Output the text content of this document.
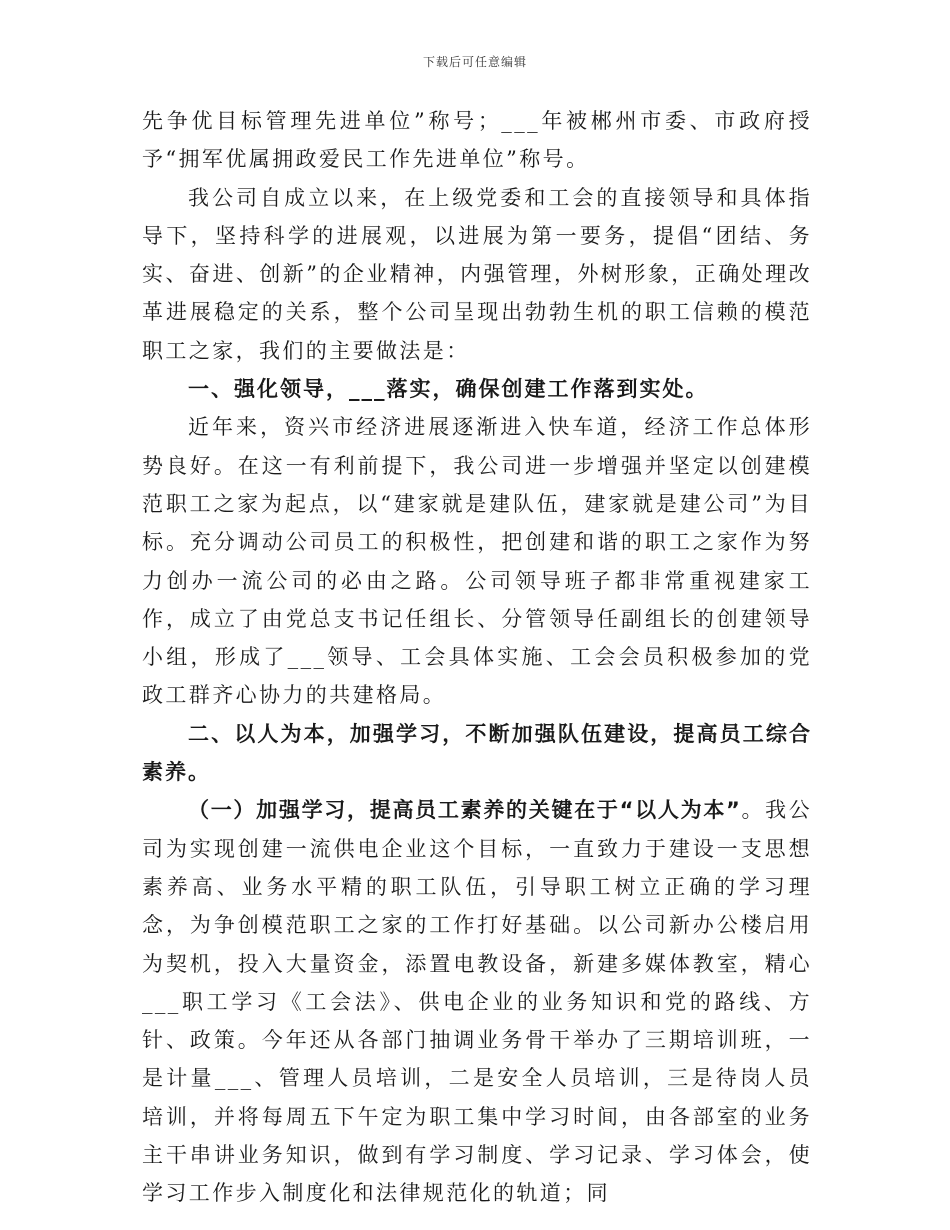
下载后可任意编辑

先争优目标管理先进单位”称号；___年被郴州市委、市政府授予“拥军优属拥政爱民工作先进单位”称号。

我公司自成立以来，在上级党委和工会的直接领导和具体指导下，坚持科学的进展观，以进展为第一要务，提倡“团结、务实、奋进、创新”的企业精神，内强管理，外树形象，正确处理改革进展稳定的关系，整个公司呈现出勃勃生机的职工信赖的模范职工之家，我们的主要做法是：

一、强化领导，___落实，确保创建工作落到实处。

近年来，资兴市经济进展逐渐进入快车道，经济工作总体形势良好。在这一有利前提下，我公司进一步增强并坚定以创建模范职工之家为起点，以“建家就是建队伍，建家就是建公司”为目标。充分调动公司员工的积极性，把创建和谐的职工之家作为努力创办一流公司的必由之路。公司领导班子都非常重视建家工作，成立了由党总支书记任组长、分管领导任副组长的创建领导小组，形成了___领导、工会具体实施、工会会员积极参加的党政工群齐心协力的共建格局。

二、以人为本，加强学习，不断加强队伍建设，提高员工综合素养。

（一）加强学习，提高员工素养的关键在于“以人为本”。我公司为实现创建一流供电企业这个目标，一直致力于建设一支思想素养高、业务水平精的职工队伍，引导职工树立正确的学习理念，为争创模范职工之家的工作打好基础。以公司新办公楼启用为契机，投入大量资金，添置电教设备，新建多媒体教室，精心___职工学习《工会法》、供电企业的业务知识和党的路线、方针、政策。今年还从各部门抽调业务骨干举办了三期培训班，一是计量___、管理人员培训，二是安全人员培训，三是待岗人员培训，并将每周五下午定为职工集中学习时间，由各部室的业务主干串讲业务知识，做到有学习制度、学习记录、学习体会，使学习工作步入制度化和法律规范化的轨道；同
